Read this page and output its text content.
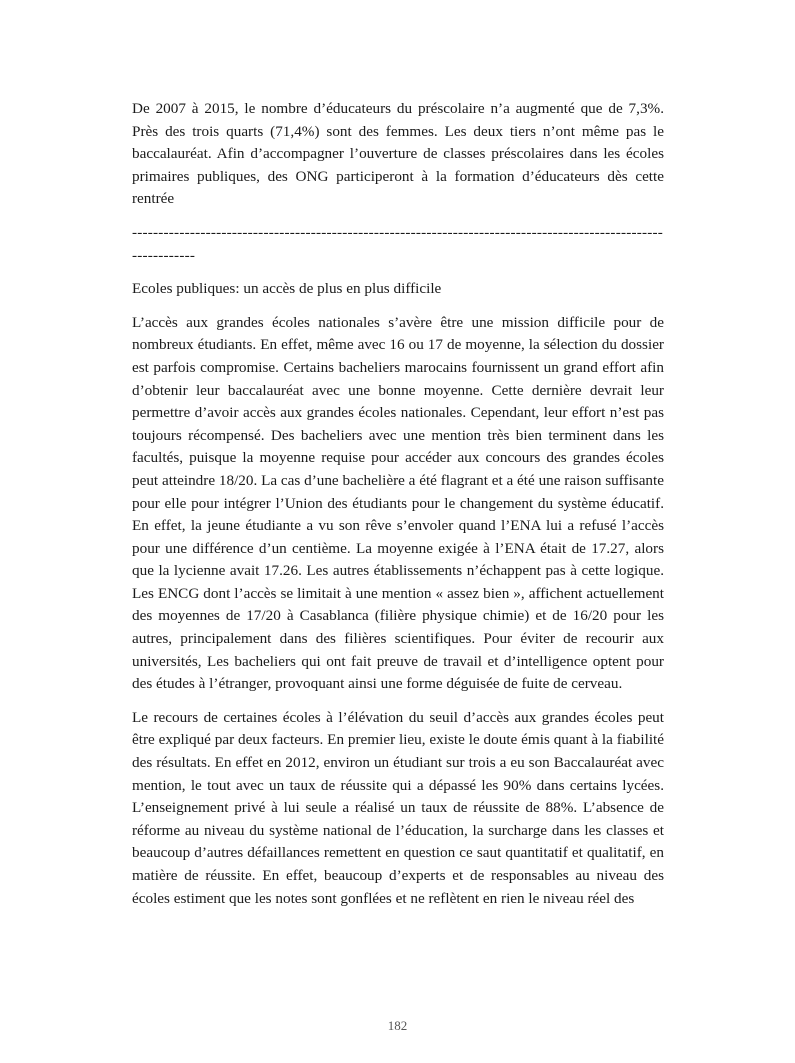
De 2007 à 2015, le nombre d’éducateurs du préscolaire n’a augmenté que de 7,3%. Près des trois quarts (71,4%) sont des femmes. Les deux tiers n’ont même pas le baccalauréat. Afin d’accompagner l’ouverture de classes préscolaires dans les écoles primaires publiques, des ONG participeront à la formation d’éducateurs dès cette rentrée

-----------------------------------------------------------------------------------------------------
------------

Ecoles publiques: un accès de plus en plus difficile

L’accès aux grandes écoles nationales s’avère être une mission difficile pour de nombreux étudiants. En effet, même avec 16 ou 17 de moyenne, la sélection du dossier est parfois compromise. Certains bacheliers marocains fournissent un grand effort afin d’obtenir leur baccalauréat avec une bonne moyenne. Cette dernière devrait leur permettre d’avoir accès aux grandes écoles nationales. Cependant, leur effort n’est pas toujours récompensé. Des bacheliers avec une mention très bien terminent dans les facultés, puisque la moyenne requise pour accéder aux concours des grandes écoles peut atteindre 18/20. La cas d’une bachelière a été flagrant et a été une raison suffisante pour elle pour intégrer l’Union des étudiants pour le changement du système éducatif. En effet, la jeune étudiante a vu son rêve s’envoler quand l’ENA lui a refusé l’accès pour une différence d’un centième. La moyenne exigée à l’ENA était de 17.27, alors que la lycienne avait 17.26. Les autres établissements n’échappent pas à cette logique. Les ENCG dont l’accès se limitait à une mention « assez bien », affichent actuellement des moyennes de 17/20 à Casablanca (filière physique chimie) et de 16/20 pour les autres, principalement dans des filières scientifiques. Pour éviter de recourir aux universités, Les bacheliers qui ont fait preuve de travail et d’intelligence optent pour des études à l’étranger, provoquant ainsi une forme déguisée de fuite de cerveau.

Le recours de certaines écoles à l’élévation du seuil d’accès aux grandes écoles peut être expliqué par deux facteurs. En premier lieu, existe le doute émis quant à la fiabilité des résultats. En effet en 2012, environ un étudiant sur trois a eu son Baccalauréat avec mention, le tout avec un taux de réussite qui a dépassé les 90% dans certains lycées. L’enseignement privé à lui seule a réalisé un taux de réussite de 88%. L’absence de réforme au niveau du système national de l’éducation, la surcharge dans les classes et beaucoup d’autres défaillances remettent en question ce saut quantitatif et qualitatif, en matière de réussite. En effet, beaucoup d’experts et de responsables au niveau des écoles estiment que les notes sont gonflées et ne reflètent en rien le niveau réel des

182
